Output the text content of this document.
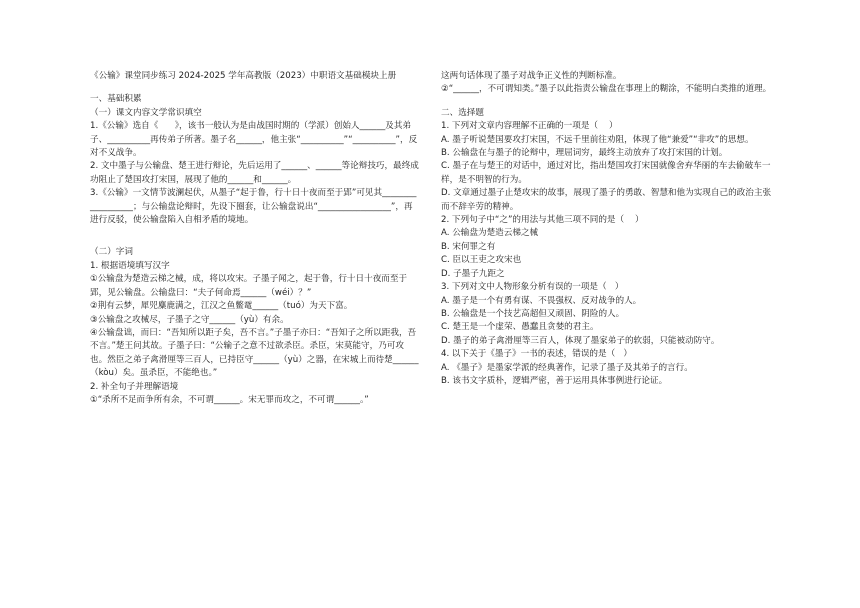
《公输》课堂同步练习 2024-2025 学年高教版（2023）中职语文基础模块上册

一、基础积累

（一）课文内容文学常识填空

1.《公输》选自《      》，该书一般认为是由战国时期的（学派）创始人______及其弟子、__________再传弟子所著。墨子名______，他主张“__________”“__________”，反对不义战争。

2. 文中墨子与公输盘、楚王进行辩论，先后运用了______、______等论辩技巧，最终成功阻止了楚国攻打宋国，展现了他的______和______。

3.《公输》一文情节波澜起伏，从墨子“起于鲁，行十日十夜而至于郢”可见其__________________；与公输盘论辩时，先设下圈套，让公输盘说出“_________________”，再进行反驳，使公输盘陷入自相矛盾的境地。

（二）字词

1. 根据语境填写汉字

①公输盘为楚造云梯之械，成，将以攻宋。子墨子闻之，起于鲁，行十日十夜而至于郢，见公输盘。公输盘曰：“夫子何命焉______（wéi）？”

②荆有云梦，犀兕麋鹿满之，江汉之鱼鳖鼋______（tuó）为天下富。

③公输盘之攻械尽，子墨子之守______（yù）有余。

④公输盘诎，而曰：“吾知所以距子矣，吾不言。”子墨子亦曰：“吾知子之所以距我，吾不言。”楚王问其故。子墨子曰：“公输子之意不过欲杀臣。杀臣，宋莫能守，乃可攻也。然臣之弟子禽滑厘等三百人，已持臣守______（yù）之器，在宋城上而待楚______（kòu）矣。虽杀臣，不能绝也。”

2. 补全句子并理解语境

①“杀所不足而争所有余，不可谓______。宋无罪而攻之，不可谓______。”

这两句话体现了墨子对战争正义性的判断标准。

②“______，不可谓知类。”墨子以此指责公输盘在事理上的糊涂，不能明白类推的道理。

二、选择题

1. 下列对文章内容理解不正确的一项是（    ）

A. 墨子听说楚国要攻打宋国，不远千里前往劝阻，体现了他“兼爱”“非攻”的思想。

B. 公输盘在与墨子的论辩中，理屈词穷，最终主动放弃了攻打宋国的计划。

C. 墨子在与楚王的对话中，通过对比，指出楚国攻打宋国就像舍弃华丽的车去偷破车一样，是不明智的行为。

D. 文章通过墨子止楚攻宋的故事，展现了墨子的勇敢、智慧和他为实现自己的政治主张而不辞辛劳的精神。

2. 下列句子中“之”的用法与其他三项不同的是（    ）

A. 公输盘为楚造云梯之械

B. 宋何罪之有

C. 臣以王吏之攻宋也

D. 子墨子九距之

3. 下列对文中人物形象分析有误的一项是（   ）

A. 墨子是一个有勇有谋、不畏强权、反对战争的人。

B. 公输盘是一个技艺高超但又顽固、阴险的人。

C. 楚王是一个虚荣、愚蠢且贪婪的君主。

D. 墨子的弟子禽滑厘等三百人，体现了墨家弟子的软弱，只能被动防守。

4. 以下关于《墨子》一书的表述，错误的是（   ）

A. 《墨子》是墨家学派的经典著作，记录了墨子及其弟子的言行。

B. 该书文字质朴，逻辑严密，善于运用具体事例进行论证。
